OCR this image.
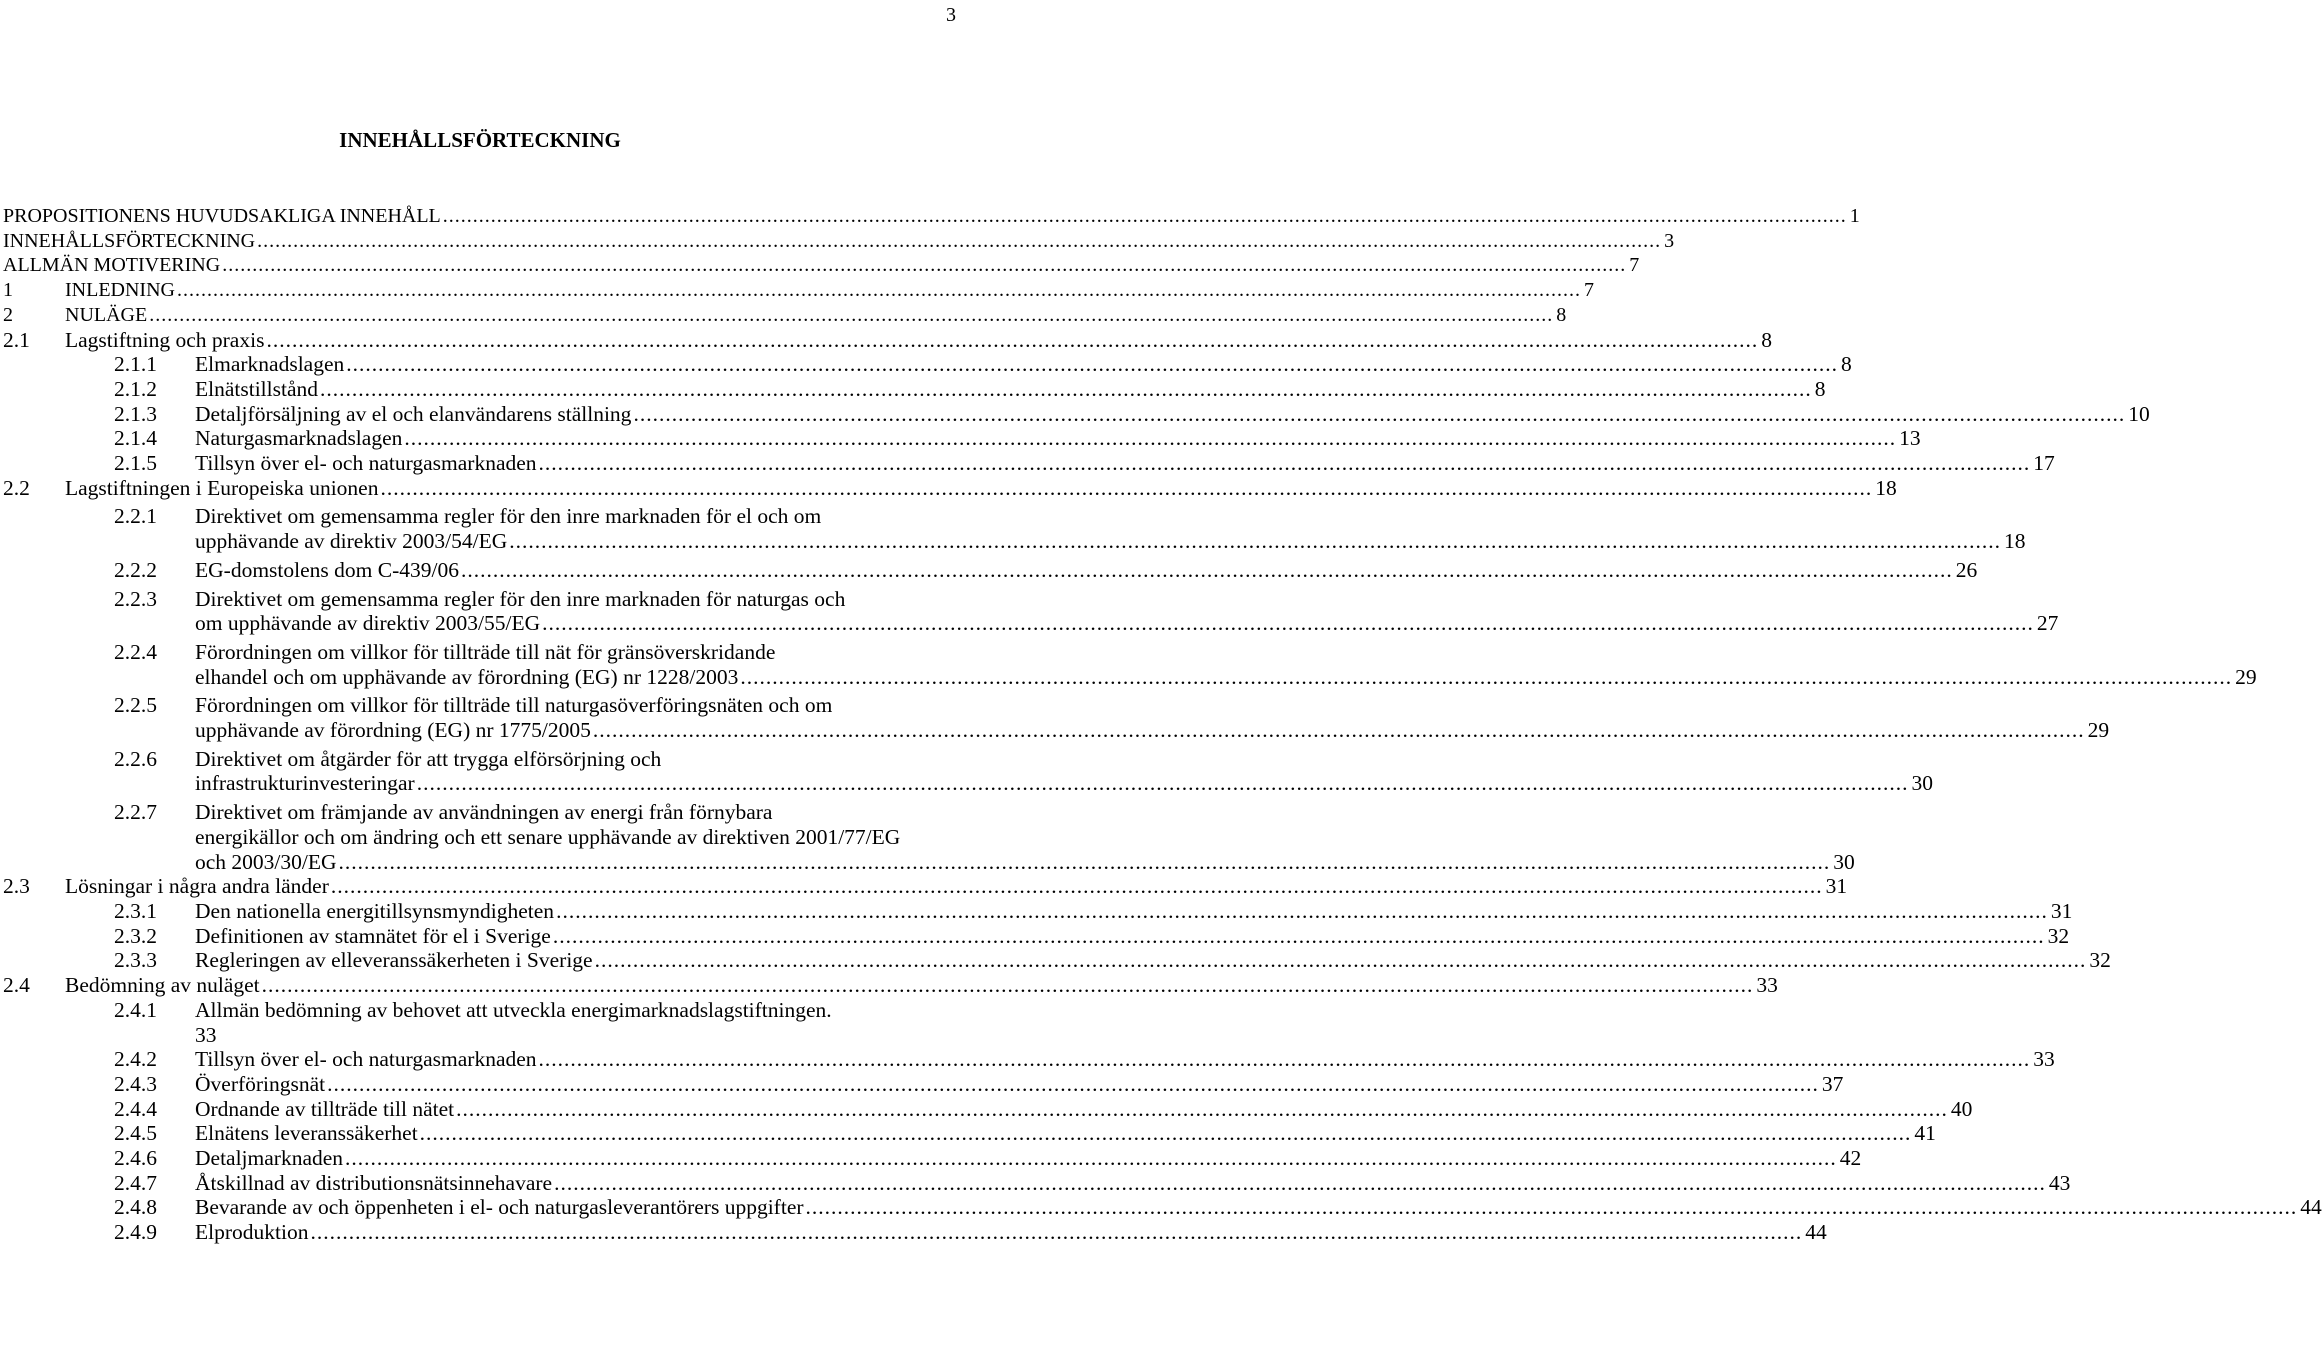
3
INNEHÅLLSFÖRTECKNING
PROPOSITIONENS HUVUDSAKLIGA INNEHÅLL .....	1
INNEHÅLLSFÖRTECKNING .....	3
ALLMÄN MOTIVERING .....	7
1	INLEDNING .....	7
2	NULÄGE .....	8
2.1	Lagstiftning och praxis .....	8
2.1.1	Elmarknadslagen .....	8
2.1.2	Elnätstillstånd .....	8
2.1.3	Detaljförsäljning av el och elanvändarens ställning .....	10
2.1.4	Naturgasmarknadslagen .....	13
2.1.5	Tillsyn över el- och naturgasmarknaden .....	17
2.2	Lagstiftningen i Europeiska unionen .....	18
2.2.1	Direktivet om gemensamma regler för den inre marknaden för el och om
upphävande av direktiv 2003/54/EG .....	18
2.2.2	EG-domstolens dom C-439/06 .....	26
2.2.3	Direktivet om gemensamma regler för den inre marknaden för naturgas och
om upphävande av direktiv 2003/55/EG .....	27
2.2.4	Förordningen om villkor för tillträde till nät för gränsöverskridande
elhandel och om upphävande av förordning (EG) nr 1228/2003 .....	29
2.2.5	Förordningen om villkor för tillträde till naturgasöverföringsnäten och om
upphävande av förordning (EG) nr 1775/2005 .....	29
2.2.6	Direktivet om åtgärder för att trygga elförsörjning och
infrastrukturinvesteringar .....	30
2.2.7	Direktivet om främjande av användningen av energi från förnybara
energikällor och om ändring och ett senare upphävande av direktiven 2001/77/EG
och 2003/30/EG .....	30
2.3	Lösningar i några andra länder .....	31
2.3.1	Den nationella energitillsynsmyndigheten .....	31
2.3.2	Definitionen av stamnätet för el i Sverige .....	32
2.3.3	Regleringen av elleveranssäkerheten i Sverige .....	32
2.4	Bedömning av nuläget .....	33
2.4.1	Allmän bedömning av behovet att utveckla energimarknadslagstiftningen.
33
2.4.2	Tillsyn över el- och naturgasmarknaden .....	33
2.4.3	Överföringsnät .....	37
2.4.4	Ordnande av tillträde till nätet .....	40
2.4.5	Elnätens leveranssäkerhet .....	41
2.4.6	Detaljmarknaden .....	42
2.4.7	Åtskillnad av distributionsnätsinnehavare .....	43
2.4.8	Bevarande av och öppenheten i el- och naturgasleverantörers uppgifter .....	44
2.4.9	Elproduktion .....	44
